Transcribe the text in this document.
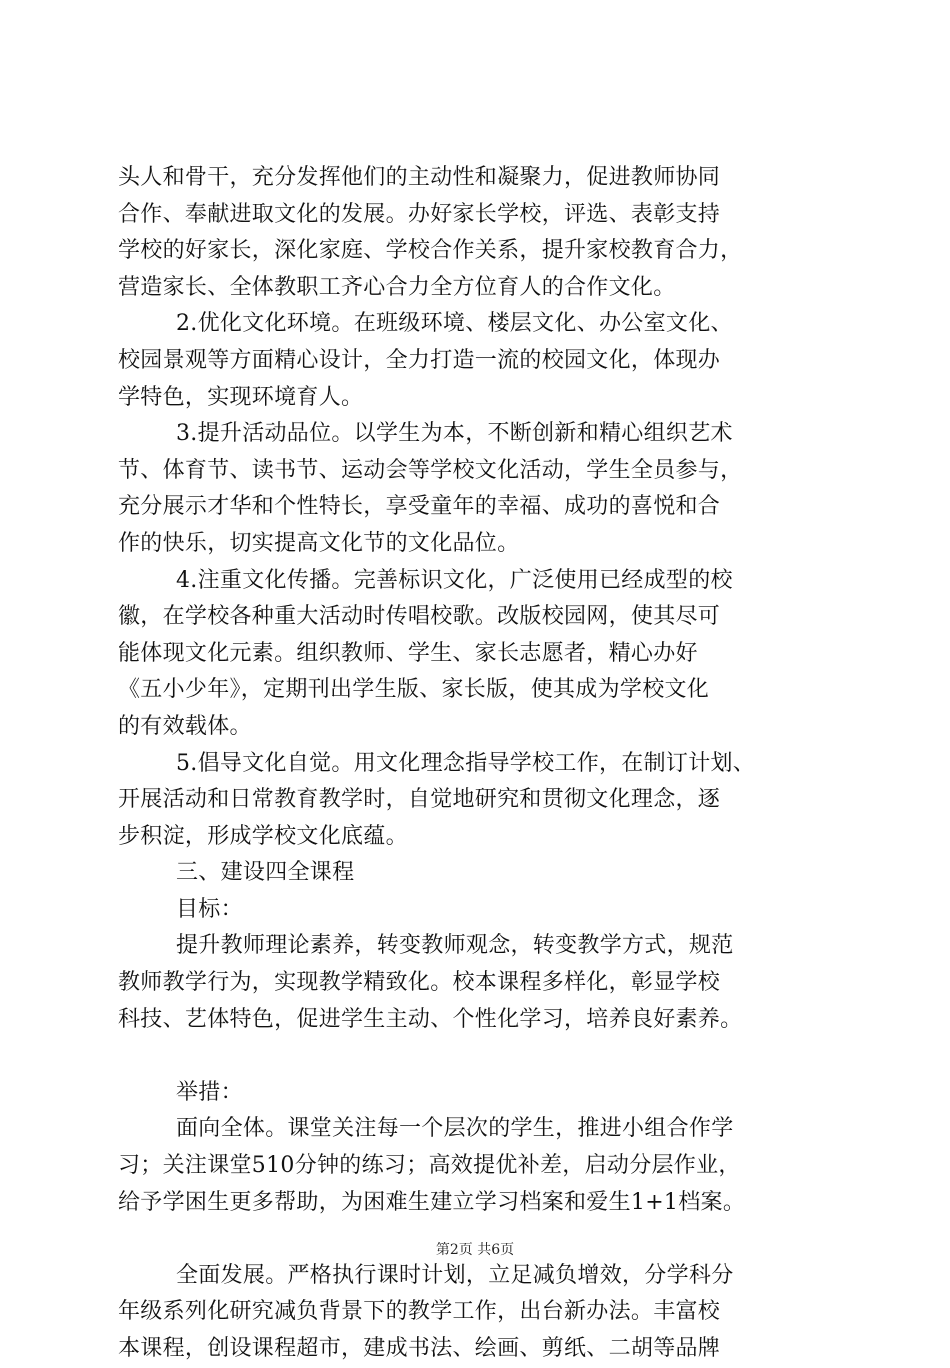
头人和骨干，充分发挥他们的主动性和凝聚力，促进教师协同
合作、奉献进取文化的发展。办好家长学校，评选、表彰支持
学校的好家长，深化家庭、学校合作关系，提升家校教育合力，
营造家长、全体教职工齐心合力全方位育人的合作文化。
2.优化文化环境。在班级环境、楼层文化、办公室文化、
校园景观等方面精心设计，全力打造一流的校园文化，体现办
学特色，实现环境育人。
3.提升活动品位。以学生为本，不断创新和精心组织艺术
节、体育节、读书节、运动会等学校文化活动，学生全员参与，
充分展示才华和个性特长，享受童年的幸福、成功的喜悦和合
作的快乐，切实提高文化节的文化品位。
4.注重文化传播。完善标识文化，广泛使用已经成型的校
徽，在学校各种重大活动时传唱校歌。改版校园网，使其尽可
能体现文化元素。组织教师、学生、家长志愿者，精心办好
《五小少年》，定期刊出学生版、家长版，使其成为学校文化
的有效载体。
5.倡导文化自觉。用文化理念指导学校工作，在制订计划、
开展活动和日常教育教学时，自觉地研究和贯彻文化理念，逐
步积淀，形成学校文化底蕴。
三、建设四全课程
目标：
提升教师理论素养，转变教师观念，转变教学方式，规范
教师教学行为，实现教学精致化。校本课程多样化，彰显学校
科技、艺体特色，促进学生主动、个性化学习，培养良好素养。
举措：
面向全体。课堂关注每一个层次的学生，推进小组合作学
习；关注课堂510分钟的练习；高效提优补差，启动分层作业，
给予学困生更多帮助，为困难生建立学习档案和爱生1+1档案。
全面发展。严格执行课时计划，立足减负增效，分学科分
年级系列化研究减负背景下的教学工作，出台新办法。丰富校
本课程，创设课程超市，建成书法、绘画、剪纸、二胡等品牌
第2页 共6页
